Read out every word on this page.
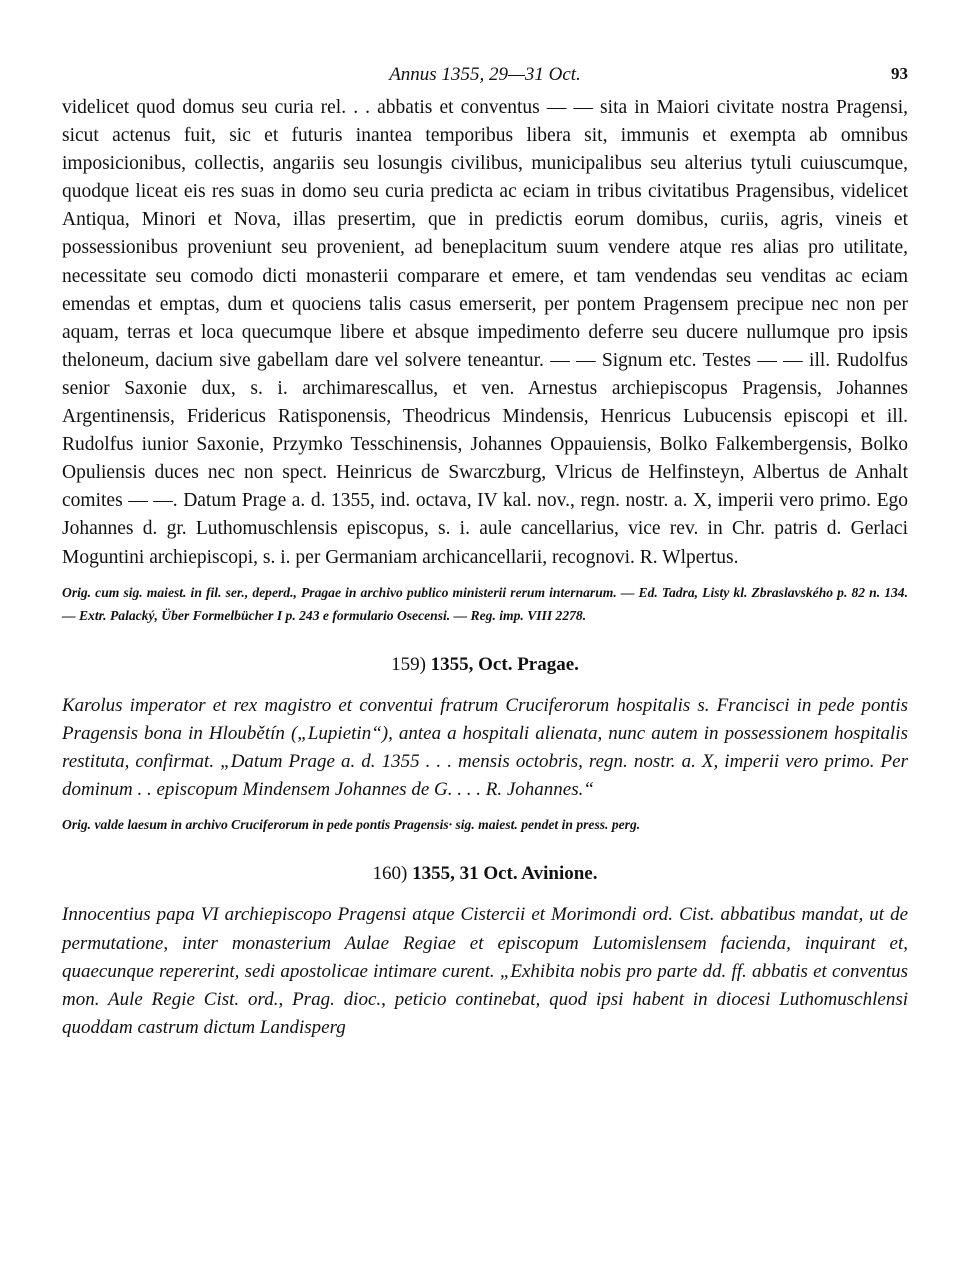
Annus 1355, 29—31 Oct.	93

videlicet quod domus seu curia rel. . . abbatis et conventus — — sita in Maiori civitate nostra Pragensi, sicut actenus fuit, sic et futuris inantea temporibus libera sit, immunis et exempta ab omnibus imposicionibus, collectis, angariis seu losungis civilibus, municipalibus seu alterius tytuli cuiuscumque, quodque liceat eis res suas in domo seu curia predicta ac eciam in tribus civitatibus Pragensibus, videlicet Antiqua, Minori et Nova, illas presertim, que in predictis eorum domibus, curiis, agris, vineis et possessionibus proveniunt seu provenient, ad beneplacitum suum vendere atque res alias pro utilitate, necessitate seu comodo dicti monasterii comparare et emere, et tam vendendas seu venditas ac eciam emendas et emptas, dum et quociens talis casus emerserit, per pontem Pragensem precipue nec non per aquam, terras et loca quecumque libere et absque impedimento deferre seu ducere nullumque pro ipsis theloneum, dacium sive gabellam dare vel solvere teneantur. — — Signum etc. Testes — — ill. Rudolfus senior Saxonie dux, s. i. archimarescallus, et ven. Arnestus archiepiscopus Pragensis, Johannes Argentinensis, Fridericus Ratisponensis, Theodricus Mindensis, Henricus Lubucensis episcopi et ill. Rudolfus iunior Saxonie, Przymko Tesschinensis, Johannes Oppauiensis, Bolko Falkembergensis, Bolko Opuliensis duces nec non spect. Heinricus de Swarczburg, Vlricus de Helfinsteyn, Albertus de Anhalt comites — —. Datum Prage a. d. 1355, ind. octava, IV kal. nov., regn. nostr. a. X, imperii vero primo. Ego Johannes d. gr. Luthomuschlensis episcopus, s. i. aule cancellarius, vice rev. in Chr. patris d. Gerlaci Moguntini archiepiscopi, s. i. per Germaniam archicancellarii, recognovi. R. Wlpertus.

Orig. cum sig. maiest. in fil. ser., deperd., Pragae in archivo publico ministerii rerum internarum. — Ed. Tadra, Listy kl. Zbraslavského p. 82 n. 134. — Extr. Palacký, Über Formelbücher I p. 243 e formulario Osecensi. — Reg. imp. VIII 2278.

159) 1355, Oct. Pragae.

Karolus imperator et rex magistro et conventui fratrum Cruciferorum hospitalis s. Francisci in pede pontis Pragensis bona in Hloubětín („Lupietin“), antea a hospitali alienata, nunc autem in possessionem hospitalis restituta, confirmat. „Datum Prage a. d. 1355 . . . mensis octobris, regn. nostr. a. X, imperii vero primo. Per dominum . . episcopum Mindensem Johannes de G. . . . R. Johannes.“

Orig. valde laesum in archivo Cruciferorum in pede pontis Pragensis· sig. maiest. pendet in press. perg.

160) 1355, 31 Oct. Avinione.

Innocentius papa VI archiepiscopo Pragensi atque Cistercii et Morimondi ord. Cist. abbatibus mandat, ut de permutatione, inter monasterium Aulae Regiae et episcopum Lutomislensem facienda, inquirant et, quaecunque repererint, sedi apostolicae intimare curent. „Exhibita nobis pro parte dd. ff. abbatis et conventus mon. Aule Regie Cist. ord., Prag. dioc., peticio continebat, quod ipsi habent in diocesi Luthomuschlensi quoddam castrum dictum Landisperg
